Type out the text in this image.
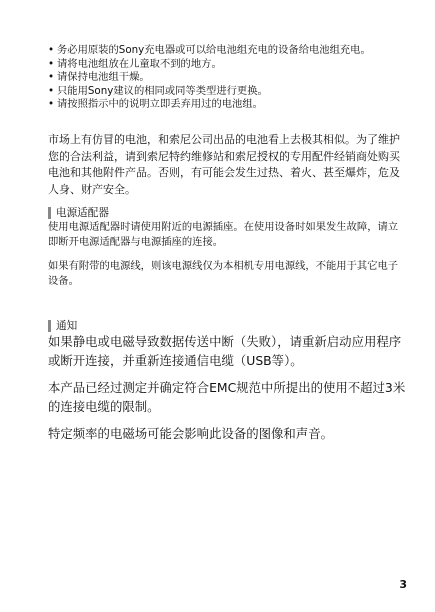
• 务必用原装的Sony充电器或可以给电池组充电的设备给电池组充电。
• 请将电池组放在儿童取不到的地方。
• 请保持电池组干燥。
• 只能用Sony建议的相同或同等类型进行更换。
• 请按照指示中的说明立即丢弃用过的电池组。

市场上有仿冒的电池，和索尼公司出品的电池看上去极其相似。为了维护您的合法利益，请到索尼特约维修站和索尼授权的专用配件经销商处购买电池和其他附件产品。否则，有可能会发生过热、着火、甚至爆炸，危及人身、财产安全。

电源适配器

使用电源适配器时请使用附近的电源插座。在使用设备时如果发生故障，请立即断开电源适配器与电源插座的连接。

如果有附带的电源线，则该电源线仅为本相机专用电源线，不能用于其它电子设备。

通知

如果静电或电磁导致数据传送中断（失败），请重新启动应用程序或断开连接，并重新连接通信电缆（USB等）。

本产品已经过测定并确定符合EMC规范中所提出的使用不超过3米的连接电缆的限制。

特定频率的电磁场可能会影响此设备的图像和声音。

3
